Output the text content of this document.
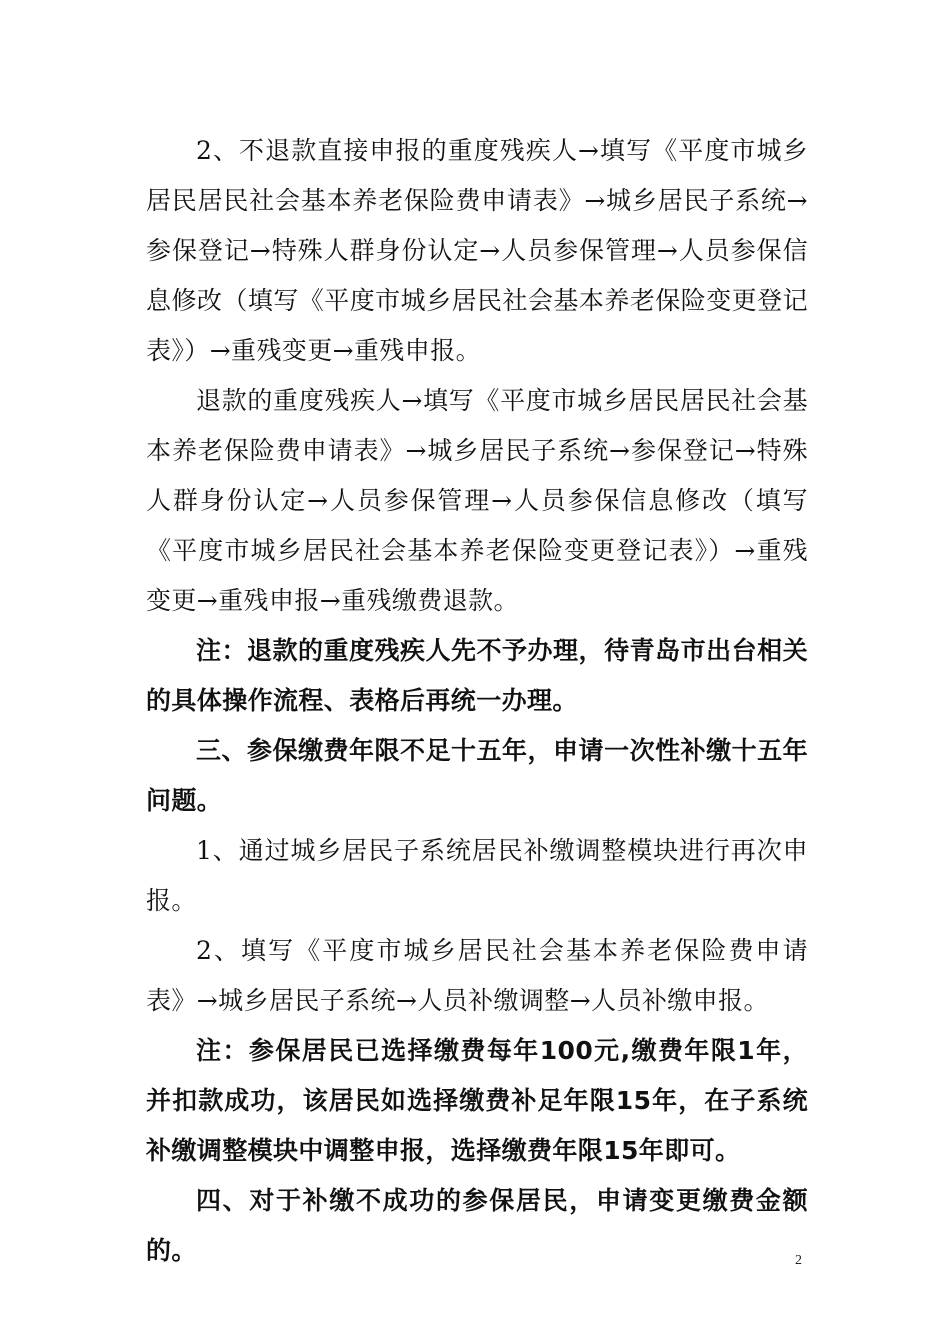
2、不退款直接申报的重度残疾人→填写《平度市城乡居民居民社会基本养老保险费申请表》→城乡居民子系统→参保登记→特殊人群身份认定→人员参保管理→人员参保信息修改（填写《平度市城乡居民社会基本养老保险变更登记表》）→重残变更→重残申报。

退款的重度残疾人→填写《平度市城乡居民居民社会基本养老保险费申请表》→城乡居民子系统→参保登记→特殊人群身份认定→人员参保管理→人员参保信息修改（填写《平度市城乡居民社会基本养老保险变更登记表》）→重残变更→重残申报→重残缴费退款。

注：退款的重度残疾人先不予办理，待青岛市出台相关的具体操作流程、表格后再统一办理。

三、参保缴费年限不足十五年，申请一次性补缴十五年问题。

1、通过城乡居民子系统居民补缴调整模块进行再次申报。

2、填写《平度市城乡居民社会基本养老保险费申请表》→城乡居民子系统→人员补缴调整→人员补缴申报。

注：参保居民已选择缴费每年100元,缴费年限1年，并扣款成功，该居民如选择缴费补足年限15年，在子系统补缴调整模块中调整申报，选择缴费年限15年即可。

四、对于补缴不成功的参保居民，申请变更缴费金额的。	2
